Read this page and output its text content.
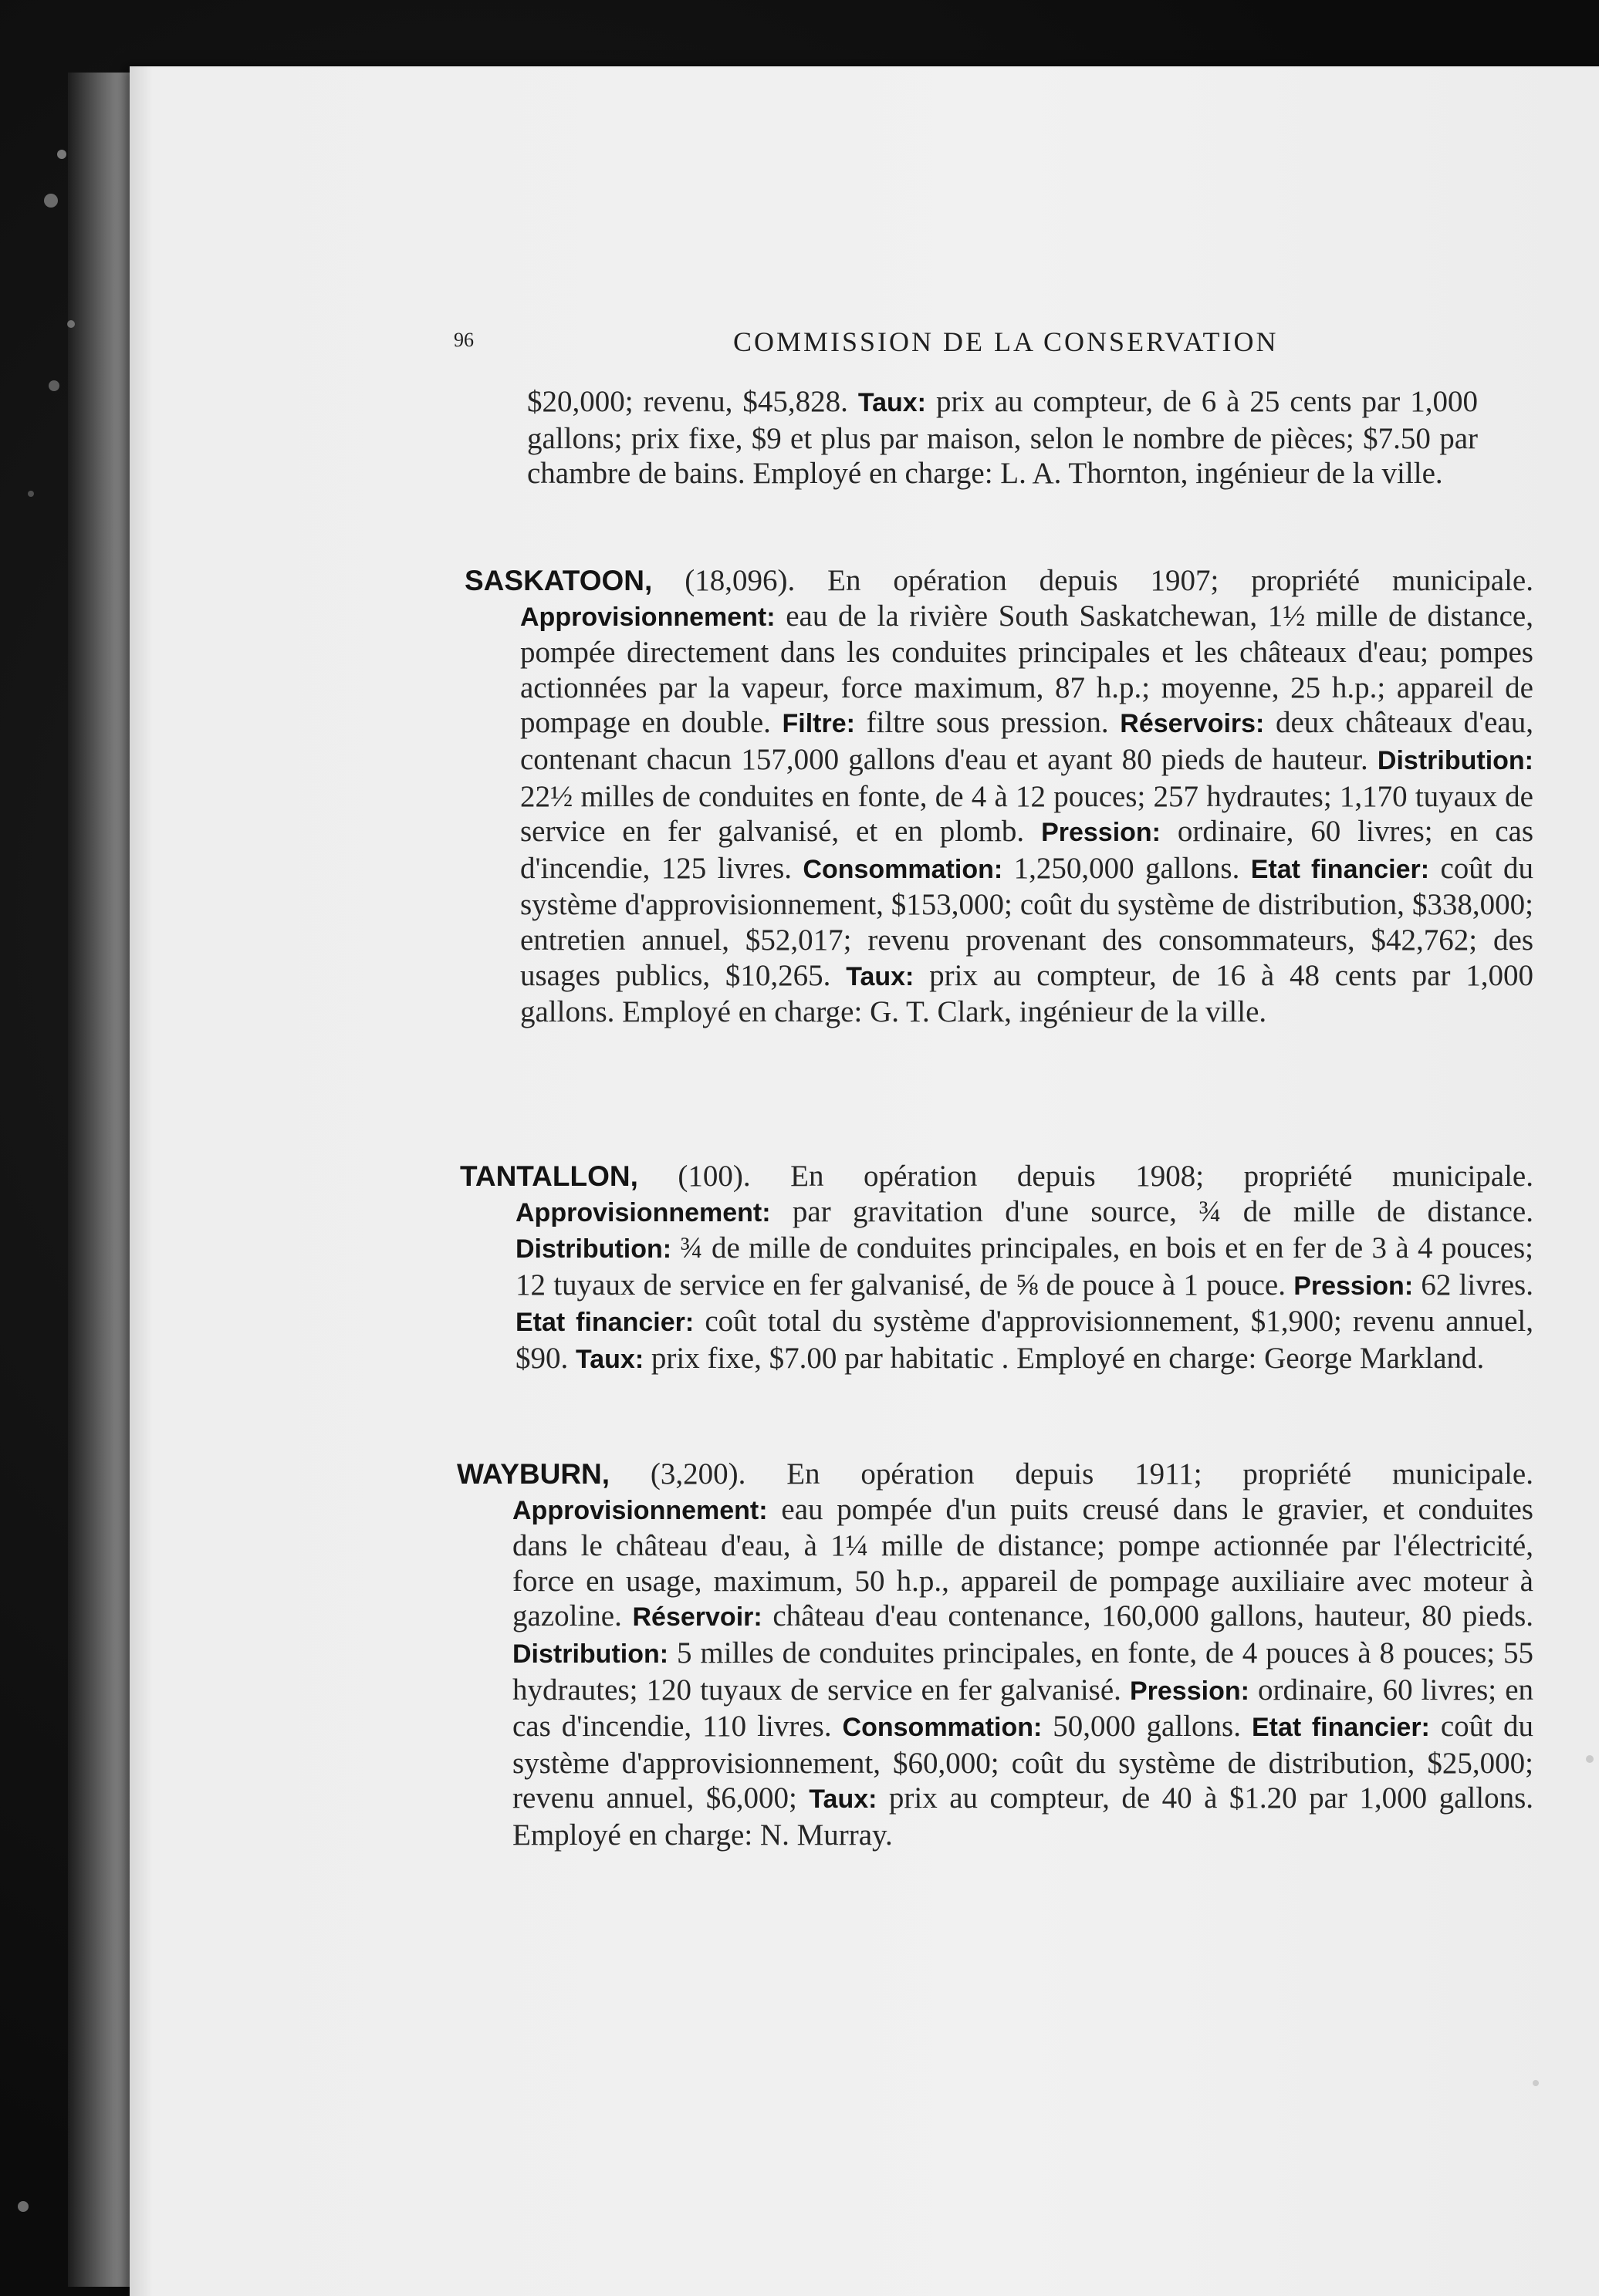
96	COMMISSION DE LA CONSERVATION
$20,000; revenu, $45,828. Taux: prix au compteur, de 6 à 25 cents par 1,000 gallons; prix fixe, $9 et plus par maison, selon le nombre de pièces; $7.50 par chambre de bains. Employé en charge: L. A. Thornton, ingénieur de la ville.
SASKATOON, (18,096). En opération depuis 1907; propriété municipale. Approvisionnement: eau de la rivière South Saskatchewan, 1½ mille de distance, pompée directement dans les conduites principales et les châteaux d'eau; pompes actionnées par la vapeur, force maximum, 87 h.p.; moyenne, 25 h.p.; appareil de pompage en double. Filtre: filtre sous pression. Réservoirs: deux châteaux d'eau, contenant chacun 157,000 gallons d'eau et ayant 80 pieds de hauteur. Distribution: 22½ milles de conduites en fonte, de 4 à 12 pouces; 257 hydrautes; 1,170 tuyaux de service en fer galvanisé, et en plomb. Pression: ordinaire, 60 livres; en cas d'incendie, 125 livres. Consommation: 1,250,000 gallons. Etat financier: coût du système d'approvisionnement, $153,000; coût du système de distribution, $338,000; entretien annuel, $52,017; revenu provenant des consommateurs, $42,762; des usages publics, $10,265. Taux: prix au compteur, de 16 à 48 cents par 1,000 gallons. Employé en charge: G. T. Clark, ingénieur de la ville.
TANTALLON, (100). En opération depuis 1908; propriété municipale. Approvisionnement: par gravitation d'une source, ¾ de mille de distance. Distribution: ¾ de mille de conduites principales, en bois et en fer de 3 à 4 pouces; 12 tuyaux de service en fer galvanisé, de ⅝ de pouce à 1 pouce. Pression: 62 livres. Etat financier: coût total du système d'approvisionnement, $1,900; revenu annuel, $90. Taux: prix fixe, $7.00 par habitatic . Employé en charge: George Markland.
WAYBURN, (3,200). En opération depuis 1911; propriété municipale. Approvisionnement: eau pompée d'un puits creusé dans le gravier, et conduites dans le château d'eau, à 1¼ mille de distance; pompe actionnée par l'électricité, force en usage, maximum, 50 h.p., appareil de pompage auxiliaire avec moteur à gazoline. Réservoir: château d'eau contenance, 160,000 gallons, hauteur, 80 pieds. Distribution: 5 milles de conduites principales, en fonte, de 4 pouces à 8 pouces; 55 hydrautes; 120 tuyaux de service en fer galvanisé. Pression: ordinaire, 60 livres; en cas d'incendie, 110 livres. Consommation: 50,000 gallons. Etat financier: coût du système d'approvisionnement, $60,000; coût du système de distribution, $25,000; revenu annuel, $6,000; Taux: prix au compteur, de 40 à $1.20 par 1,000 gallons. Employé en charge: N. Murray.
